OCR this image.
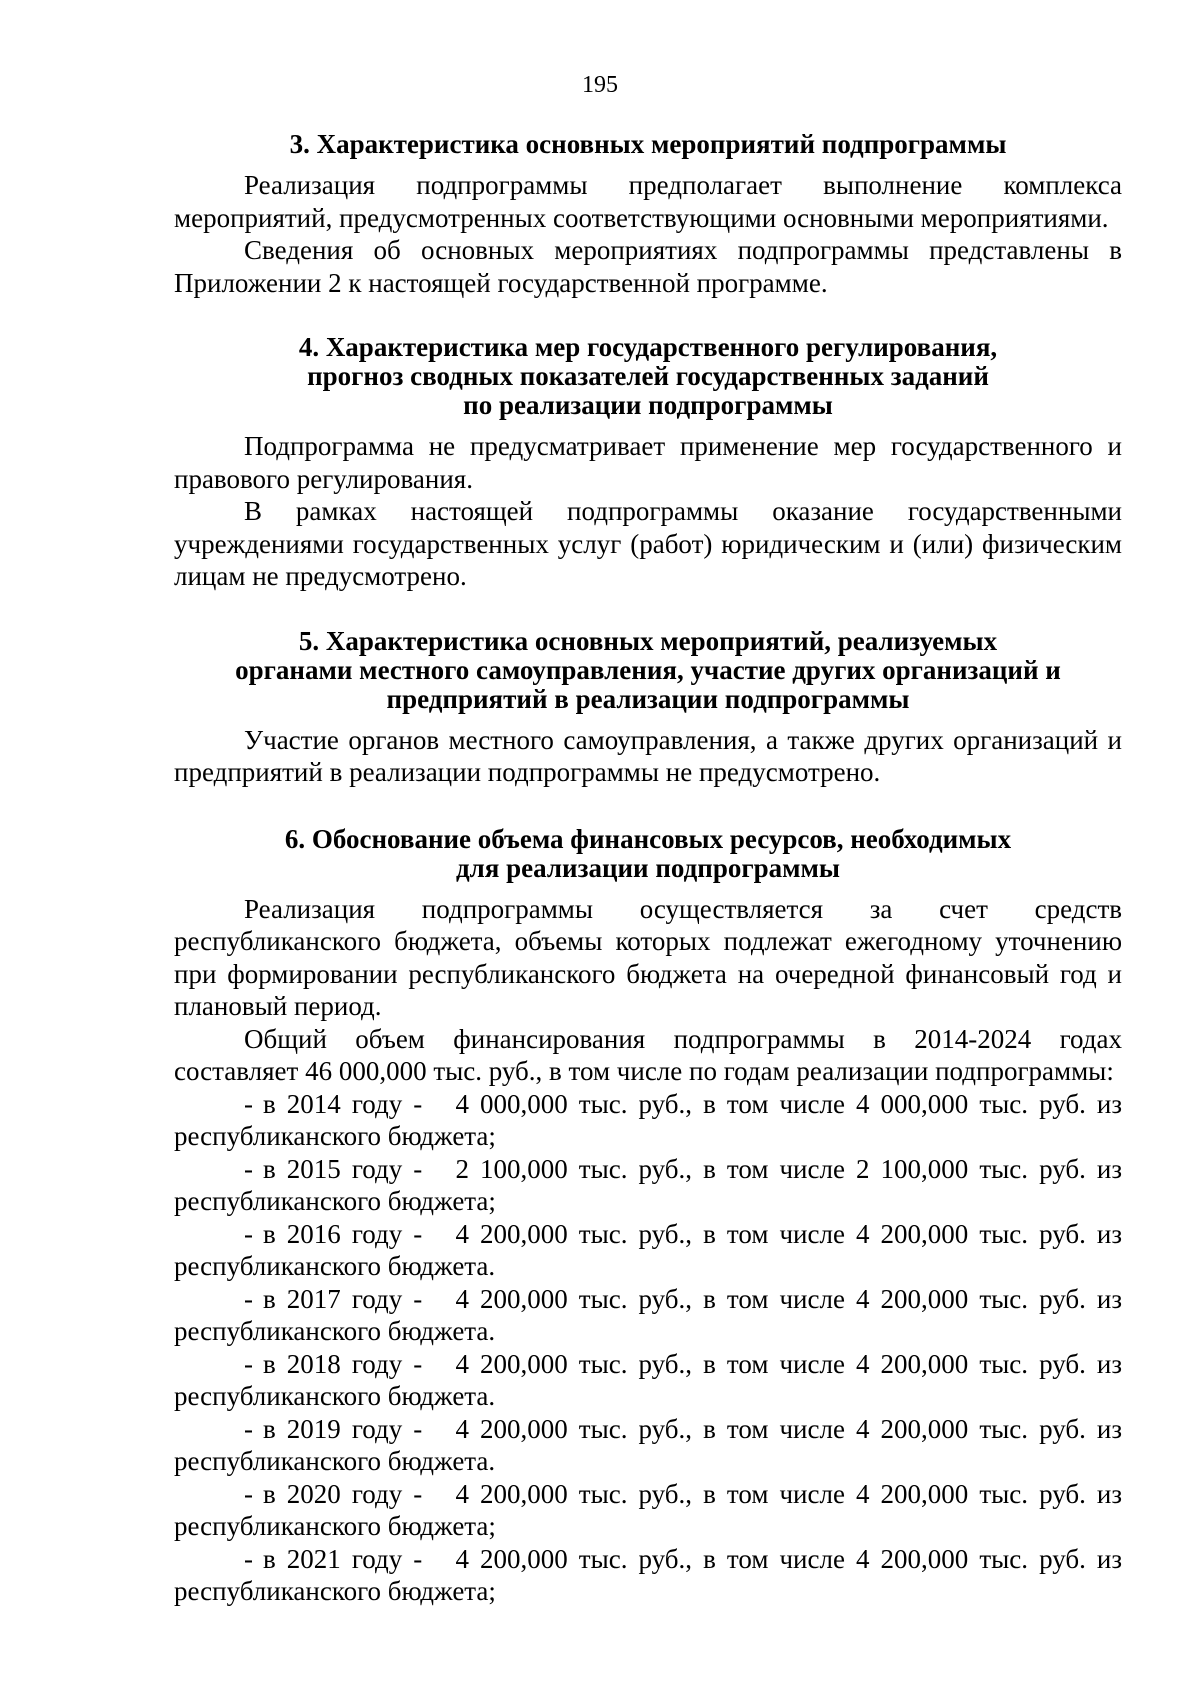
195

3. Характеристика основных мероприятий подпрограммы

Реализация подпрограммы предполагает выполнение комплекса мероприятий, предусмотренных соответствующими основными мероприятиями.

Сведения об основных мероприятиях подпрограммы представлены в Приложении 2 к настоящей государственной программе.

4. Характеристика мер государственного регулирования,
прогноз сводных показателей государственных заданий
по реализации подпрограммы

Подпрограмма не предусматривает применение мер государственного и правового регулирования.

В рамках настоящей подпрограммы оказание государственными учреждениями государственных услуг (работ) юридическим и (или) физическим лицам не предусмотрено.

5. Характеристика основных мероприятий, реализуемых
органами местного самоуправления, участие других организаций и
предприятий в реализации подпрограммы

Участие органов местного самоуправления, а также других организаций и предприятий в реализации подпрограммы не предусмотрено.

6. Обоснование объема финансовых ресурсов, необходимых
для реализации подпрограммы

Реализация подпрограммы осуществляется за счет средств республиканского бюджета, объемы которых подлежат ежегодному уточнению при формировании республиканского бюджета на очередной финансовый год и плановый период.

Общий объем финансирования подпрограммы в 2014-2024 годах составляет 46 000,000 тыс. руб., в том числе по годам реализации подпрограммы:

- в 2014 году - 4 000,000 тыс. руб., в том числе 4 000,000 тыс. руб. из республиканского бюджета;

- в 2015 году - 2 100,000 тыс. руб., в том числе 2 100,000 тыс. руб. из республиканского бюджета;

- в 2016 году - 4 200,000 тыс. руб., в том числе 4 200,000 тыс. руб. из республиканского бюджета.

- в 2017 году - 4 200,000 тыс. руб., в том числе 4 200,000 тыс. руб. из республиканского бюджета.

- в 2018 году - 4 200,000 тыс. руб., в том числе 4 200,000 тыс. руб. из республиканского бюджета.

- в 2019 году - 4 200,000 тыс. руб., в том числе 4 200,000 тыс. руб. из республиканского бюджета.

- в 2020 году - 4 200,000 тыс. руб., в том числе 4 200,000 тыс. руб. из республиканского бюджета;

- в 2021 году - 4 200,000 тыс. руб., в том числе 4 200,000 тыс. руб. из республиканского бюджета;
